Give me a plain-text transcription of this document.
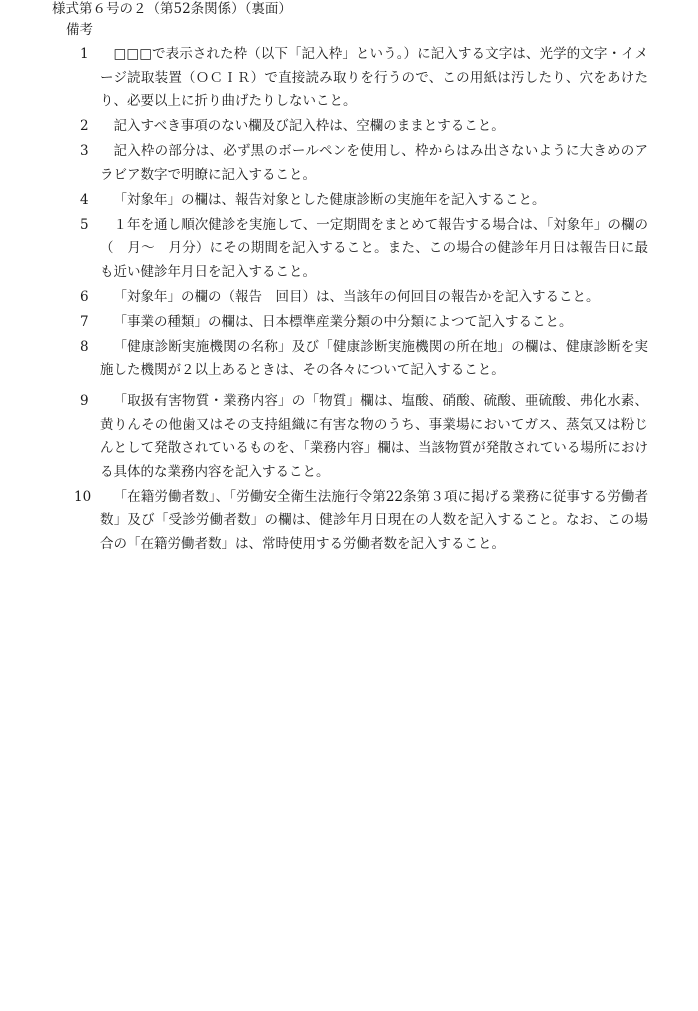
様式第６号の２（第52条関係）（裏面）
備考
1	□□□で表示された枠（以下「記入枠」という。）に記入する文字は、光学的文字・イメージ読取装置（ＯＣＩＲ）で直接読み取りを行うので、この用紙は汚したり、穴をあけたり、必要以上に折り曲げたりしないこと。
2	記入すべき事項のない欄及び記入枠は、空欄のままとすること。
3	記入枠の部分は、必ず黒のボールペンを使用し、枠からはみ出さないように大きめのアラビア数字で明瞭に記入すること。
4	「対象年」の欄は、報告対象とした健康診断の実施年を記入すること。
5	１年を通し順次健診を実施して、一定期間をまとめて報告する場合は、「対象年」の欄の（　月～　月分）にその期間を記入すること。また、この場合の健診年月日は報告日に最も近い健診年月日を記入すること。
6	「対象年」の欄の（報告　回目）は、当該年の何回目の報告かを記入すること。
7	「事業の種類」の欄は、日本標準産業分類の中分類によつて記入すること。
8	「健康診断実施機関の名称」及び「健康診断実施機関の所在地」の欄は、健康診断を実施した機関が２以上あるときは、その各々について記入すること。
9	「取扱有害物質・業務内容」の「物質」欄は、塩酸、硝酸、硫酸、亜硫酸、弗化水素、黄りんその他歯又はその支持組織に有害な物のうち、事業場においてガス、蒸気又は粉じんとして発散されているものを、「業務内容」欄は、当該物質が発散されている場所における具体的な業務内容を記入すること。
10	「在籍労働者数」、「労働安全衛生法施行令第22条第３項に掲げる業務に従事する労働者数」及び「受診労働者数」の欄は、健診年月日現在の人数を記入すること。なお、この場合の「在籍労働者数」は、常時使用する労働者数を記入すること。
